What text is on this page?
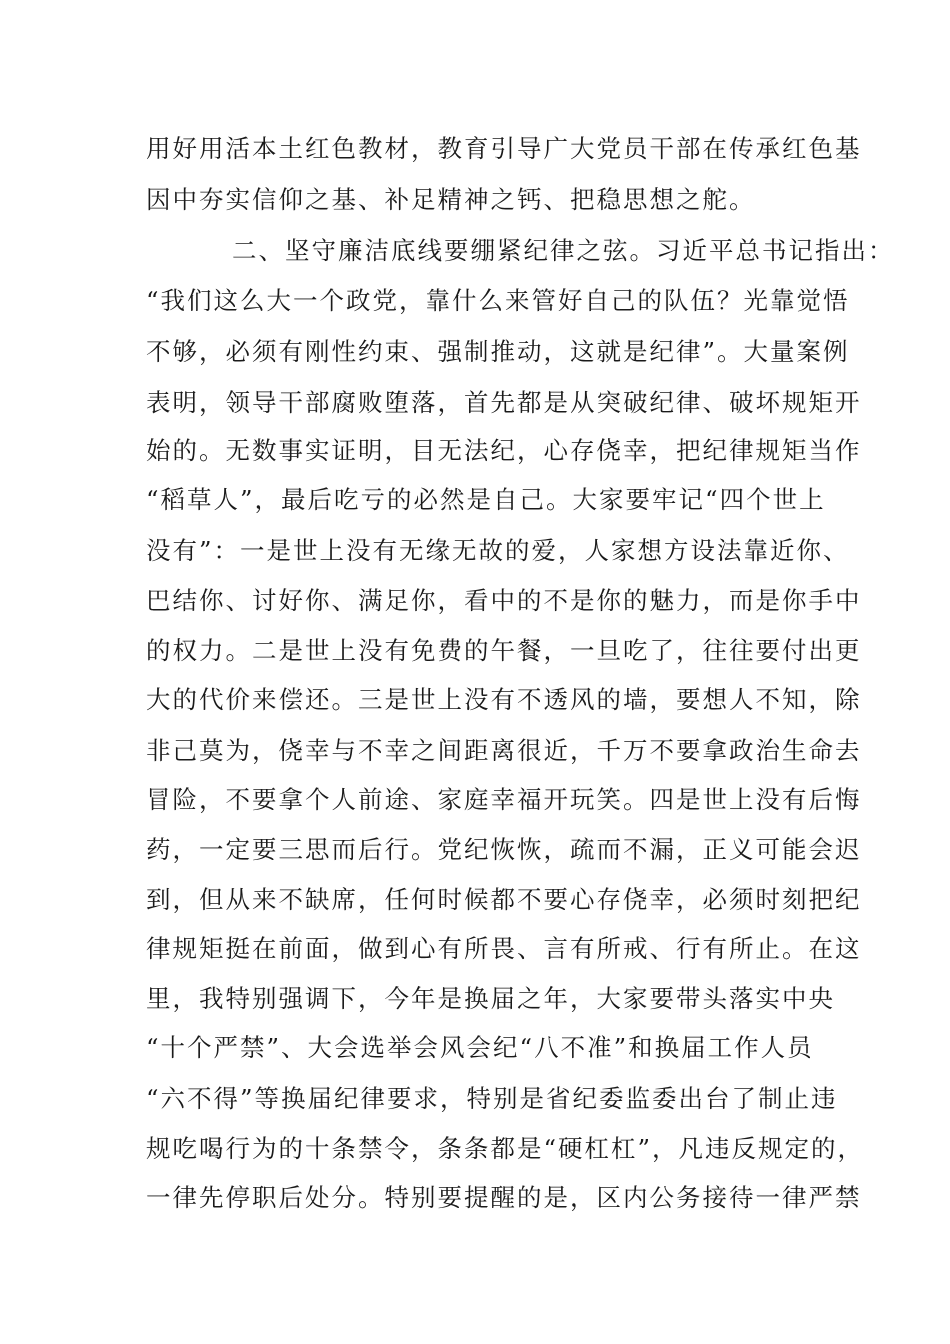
用好用活本土红色教材，教育引导广大党员干部在传承红色基
因中夯实信仰之基、补足精神之钙、把稳思想之舵。
二、坚守廉洁底线要绷紧纪律之弦。习近平总书记指出：
“我们这么大一个政党，靠什么来管好自己的队伍？光靠觉悟
不够，必须有刚性约束、强制推动，这就是纪律”。大量案例
表明，领导干部腐败堕落，首先都是从突破纪律、破坏规矩开
始的。无数事实证明，目无法纪，心存侥幸，把纪律规矩当作
“稻草人”，最后吃亏的必然是自己。大家要牢记“四个世上
没有”：一是世上没有无缘无故的爱，人家想方设法靠近你、
巴结你、讨好你、满足你，看中的不是你的魅力，而是你手中
的权力。二是世上没有免费的午餐，一旦吃了，往往要付出更
大的代价来偿还。三是世上没有不透风的墙，要想人不知，除
非己莫为，侥幸与不幸之间距离很近，千万不要拿政治生命去
冒险，不要拿个人前途、家庭幸福开玩笑。四是世上没有后悔
药，一定要三思而后行。党纪恢恢，疏而不漏，正义可能会迟
到，但从来不缺席，任何时候都不要心存侥幸，必须时刻把纪
律规矩挺在前面，做到心有所畏、言有所戒、行有所止。在这
里，我特别强调下，今年是换届之年，大家要带头落实中央
“十个严禁”、大会选举会风会纪“八不准”和换届工作人员
“六不得”等换届纪律要求，特别是省纪委监委出台了制止违
规吃喝行为的十条禁令，条条都是“硬杠杠”，凡违反规定的，
一律先停职后处分。特别要提醒的是，区内公务接待一律严禁
